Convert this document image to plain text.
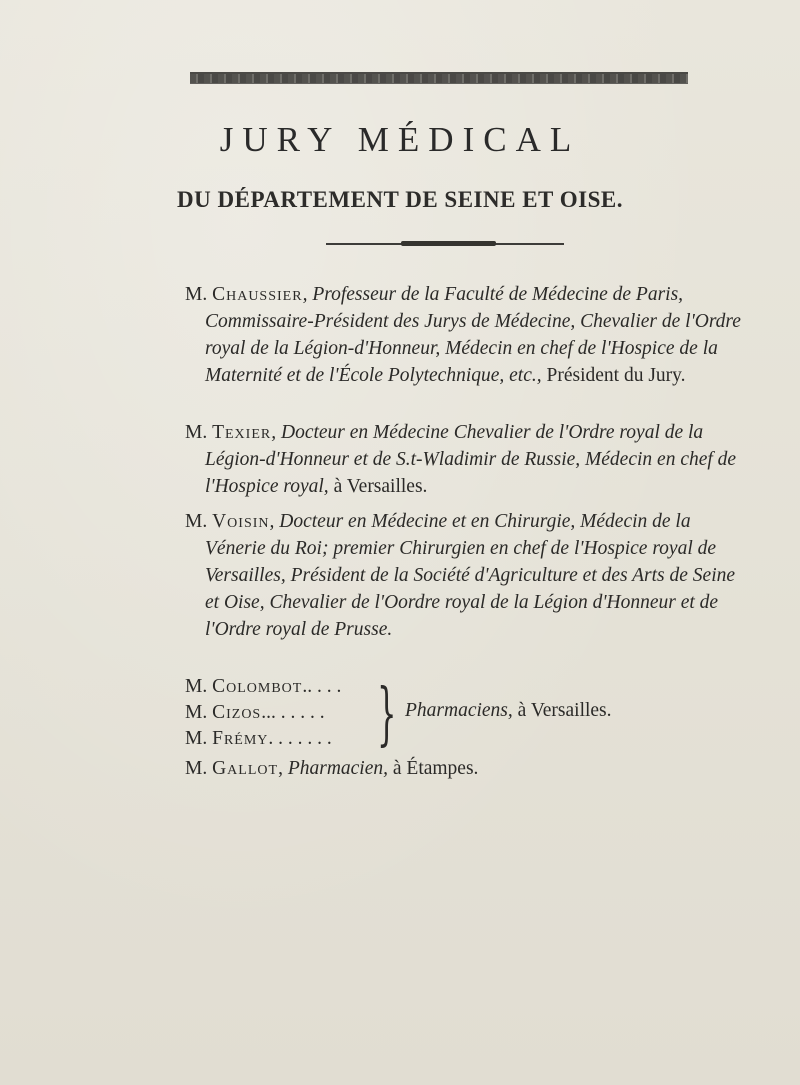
JURY MÉDICAL
DU DÉPARTEMENT DE SEINE ET OISE.

M. Chaussier, Professeur de la Faculté de Médecine de Paris, Commissaire-Président des Jurys de Médecine, Chevalier de l'Ordre royal de la Légion-d'Honneur, Médecin en chef de l'Hospice de la Maternité et de l'École Polytechnique, etc., Président du Jury.

M. Texier, Docteur en Médecine Chevalier de l'Ordre royal de la Légion-d'Honneur et de S.t-Wladimir de Russie, Médecin en chef de l'Hospice royal, à Versailles.

M. Voisin, Docteur en Médecine et en Chirurgie, Médecin de la Vénerie du Roi; premier Chirurgien en chef de l'Hospice royal de Versailles, Président de la Société d'Agriculture et des Arts de Seine et Oise, Chevalier de l'Oordre royal de la Légion d'Honneur et de l'Ordre royal de Prusse.

M. Colombot.. . . .
M. Cizos... . . . . .
M. Frémy. . . . . . . } Pharmaciens, à Versailles.
M. Gallot, Pharmacien, à Étampes.
